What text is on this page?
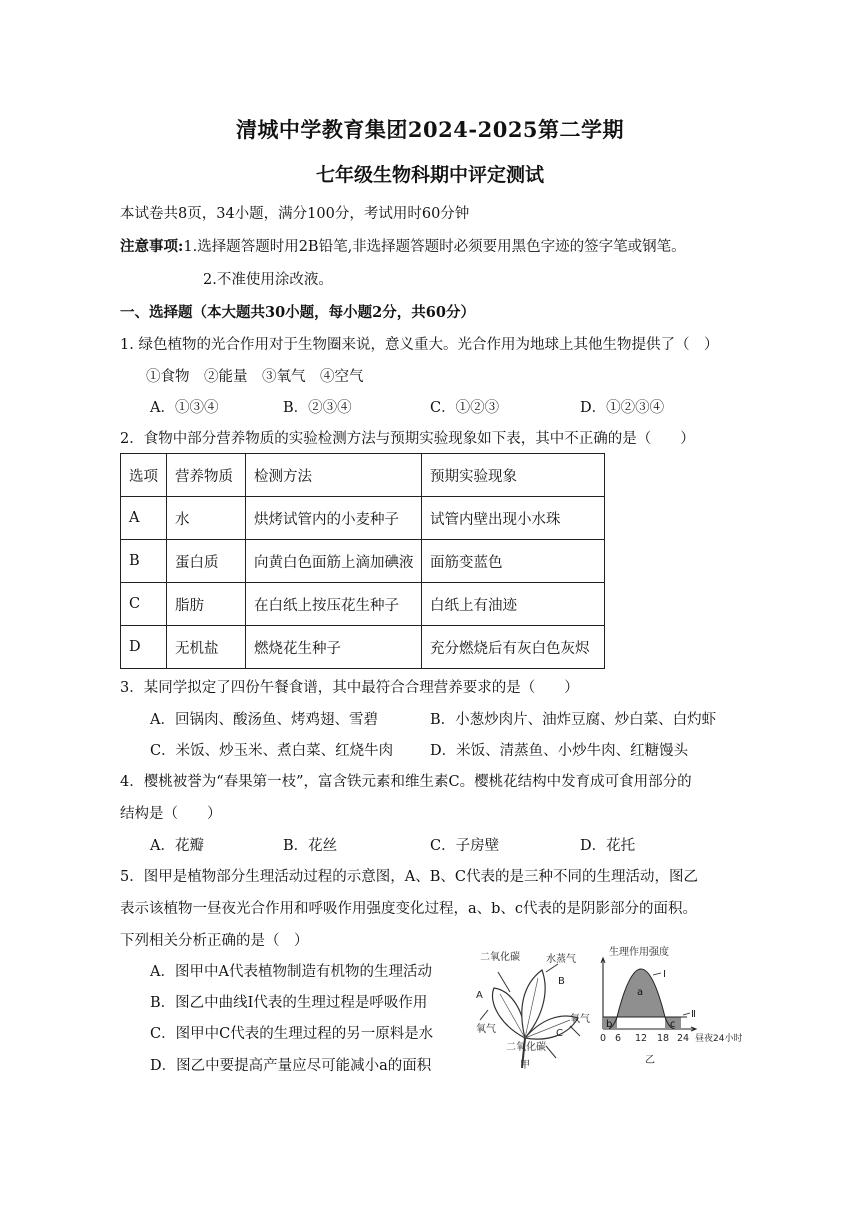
清城中学教育集团2024-2025第二学期
七年级生物科期中评定测试
本试卷共8页，34小题，满分100分，考试用时60分钟
注意事项:1.选择题答题时用2B铅笔,非选择题答题时必须要用黑色字迹的签字笔或钢笔。
2.不准使用涂改液。
一、选择题（本大题共30小题，每小题2分，共60分）
1. 绿色植物的光合作用对于生物圈来说，意义重大。光合作用为地球上其他生物提供了（　）
①食物　②能量　③氧气　④空气
A．①③④	B．②③④	C．①②③	D．①②③④
2．食物中部分营养物质的实验检测方法与预期实验现象如下表，其中不正确的是（　　）
选项	营养物质	检测方法	预期实验现象
A	水	烘烤试管内的小麦种子	试管内壁出现小水珠
B	蛋白质	向黄白色面筋上滴加碘液	面筋变蓝色
C	脂肪	在白纸上按压花生种子	白纸上有油迹
D	无机盐	燃烧花生种子	充分燃烧后有灰白色灰烬
3．某同学拟定了四份午餐食谱，其中最符合合理营养要求的是（　　）
A．回锅肉、酸汤鱼、烤鸡翅、雪碧	B．小葱炒肉片、油炸豆腐、炒白菜、白灼虾
C．米饭、炒玉米、煮白菜、红烧牛肉	D．米饭、清蒸鱼、小炒牛肉、红糖馒头
4．樱桃被誉为“春果第一枝”，富含铁元素和维生素C。樱桃花结构中发育成可食用部分的
结构是（　　）
A．花瓣	B．花丝	C．子房壁	D．花托
5．图甲是植物部分生理活动过程的示意图，A、B、C代表的是三种不同的生理活动，图乙
表示该植物一昼夜光合作用和呼吸作用强度变化过程，a、b、c代表的是阴影部分的面积。
下列相关分析正确的是（　）
A．图甲中A代表植物制造有机物的生理活动
B．图乙中曲线Ⅰ代表的生理过程是呼吸作用
C．图甲中C代表的生理过程的另一原料是水
D．图乙中要提高产量应尽可能减小a的面积
二氧化碳	水蒸气
A
B
C
氧气
氧气
二氧化碳
甲
生理作用强度
Ⅰ
Ⅱ
a
b	c
0 6 12 18 24 昼夜24小时
乙
